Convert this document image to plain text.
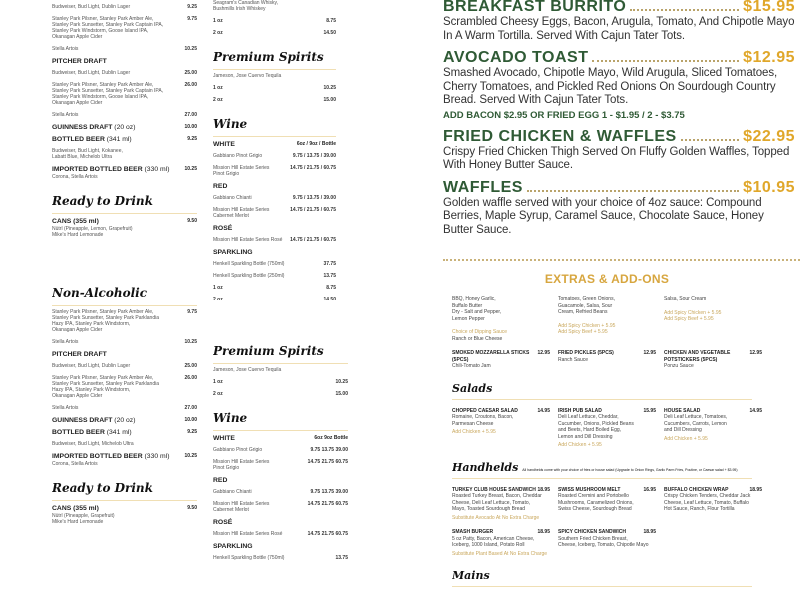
Budweiser, Bud Light, Dublin Lager	9.25
Stanley Park Pilsner, Stanley Park Amber Ale,
Stanley Park Sunsetter, Stanley Park Captain IPA,
Stanley Park Windstorm, Goose Island IPA,
Okanagan Apple Cider
9.75
Stella Artois	10.25
PITCHER DRAFT
Budweiser, Bud Light, Dublin Lager	25.00
Stanley Park Pilsner, Stanley Park Amber Ale,
Stanley Park Sunsetter, Stanley Park Captain IPA,
Stanley Park Windstorm, Goose Island IPA,
Okanagan Apple Cider
26.00
Stella Artois	27.00
GUINNESS DRAFT (20 oz)	10.00
BOTTLED BEER (341 ml)	9.25
Budweiser, Bud Light, Kokanee,
Labatt Blue, Michelob Ultra
IMPORTED BOTTLED BEER (330 ml)	10.25
Corona, Stella Artois
Ready to Drink
CANS (355 ml)	9.50
Nütrl (Pineapple, Lemon, Grapefruit)
Mike's Hard Lemonade

Seagram's Canadian Whisky,
Bushmills Irish Whiskey
1 oz	8.75
2 oz	14.50
Premium Spirits
Jameson, Jose Cuervo Tequila
1 oz	10.25
2 oz	15.00
Wine
WHITE	6oz / 9oz / Bottle
Gabbiano Pinot Grigio	9.75 / 13.75 / 39.00
Mission Hill Estate Series
Pinot Grigio
14.75 / 21.75 / 60.75
RED
Gabbiano Chianti	9.75 / 13.75 / 39.00
Mission Hill Estate Series
Cabernet Merlot
14.75 / 21.75 / 60.75
ROSÉ
Mission Hill Estate Series Rosé 14.75 / 21.75 / 60.75
SPARKLING
Henkell Sparkling Bottle (750ml)	37.75
Henkell Sparkling Bottle (250ml)	13.75
1 oz	8.75
2 oz	14.50
Non-Alcoholic
Stanley Park Pilsner, Stanley Park Amber Ale,
Stanley Park Sunsetter, Stanley Park Parklandia
Hazy IPA, Stanley Park Windstorm,
Okanagan Apple Cider
9.75
Stella Artois	10.25
PITCHER DRAFT
Budweiser, Bud Light, Dublin Lager	25.00
Stanley Park Pilsner, Stanley Park Amber Ale,
Stanley Park Sunsetter, Stanley Park Parklandia
Hazy IPA, Stanley Park Windstorm,
Okanagan Apple Cider
26.00
Stella Artois	27.00
GUINNESS DRAFT (20 oz)	10.00
BOTTLED BEER (341 ml)	9.25
Budweiser, Bud Light, Michelob Ultra
IMPORTED BOTTLED BEER (330 ml)	10.25
Corona, Stella Artois
Ready to Drink
CANS (355 ml)	9.50
Nütrl (Pineapple, Grapefruit)
Mike's Hard Lemonade
Premium Spirits
Jameson, Jose Cuervo Tequila
1 oz	10.25
2 oz	15.00
Wine
WHITE	6oz 9oz Bottle
Gabbiano Pinot Grigio	9.75 13.75 39.00
Mission Hill Estate Series
Pinot Grigio
14.75 21.75 60.75
RED
Gabbiano Chianti	9.75 13.75 39.00
Mission Hill Estate Series
Cabernet Merlot
14.75 21.75 60.75
ROSÉ
Mission Hill Estate Series Rosé	14.75 21.75 60.75
SPARKLING
Henkell Sparkling Bottle (750ml)	13.75
BREAKFAST BURRITO	$15.95
Scrambled Cheesy Eggs, Bacon, Arugula, Tomato, And Chipotle Mayo In A Warm Tortilla. Served With Cajun Tater Tots.
AVOCADO TOAST	$12.95
Smashed Avocado, Chipotle Mayo, Wild Arugula, Sliced Tomatoes, Cherry Tomatoes, and Pickled Red Onions On Sourdough Country Bread. Served With Cajun Tater Tots.
ADD BACON $2.95 OR FRIED EGG 1 - $1.95 / 2 - $3.75
FRIED CHICKEN & WAFFLES	$22.95
Crispy Fried Chicken Thigh Served On Fluffy Golden Waffles, Topped With Honey Butter Sauce.
WAFFLES	$10.95
Golden waffle served with your choice of 4oz sauce: Compound Berries, Maple Syrup, Caramel Sauce, Chocolate Sauce, Honey Butter Sauce.
EXTRAS & ADD-ONS
BBQ, Honey Garlic,
Buffalo Butter
Dry - Salt and Pepper,
Lemon Pepper
Choice of Dipping Sauce
Ranch or Blue Cheese
Tomatoes, Green Onions,
Guacamole, Salsa, Sour
Cream, Refried Beans
Add Spicy Chicken + 5.95
Add Spicy Beef + 5.95
Salsa, Sour Cream
Add Spicy Chicken + 5.95
Add Spicy Beef + 5.95
SMOKED MOZZARELLA STICKS (5PCS)
12.95
Chili-Tomato Jam
FRIED PICKLES (5PCS)	12.95
Ranch Sauce
CHICKEN AND VEGETABLE POTSTICKERS (5PCS)
12.95
Ponzu Sauce
Salads
CHOPPED CAESAR SALAD	14.95
Romaine, Croutons, Bacon,
Parmesan Cheese
Add Chicken + 5.95
IRISH PUB SALAD	15.95
Deli Leaf Lettuce, Cheddar,
Cucumber, Onions, Pickled Beans
and Beets, Hard Boiled Egg,
Lemon and Dill Dressing
Add Chicken + 5.95
HOUSE SALAD	14.95
Deli Leaf Lettuce, Tomatoes,
Cucumbers, Carrots, Lemon
and Dill Dressing
Add Chicken + 5.95
Handhelds All handhelds come with your choice of fries or house salad (Upgrade to Onion Rings, Garlic Parm Fries, Poutine, or Caesar salad + $3.95)
TURKEY CLUB HOUSE SANDWICH 18.95
Roasted Turkey Breast, Bacon, Cheddar
Cheese, Deli Leaf Lettuce, Tomato,
Mayo, Toasted Sourdough Bread
Substitute Avocado At No Extra Charge
SWISS MUSHROOM MELT	16.95
Roasted Cremini and Portobello
Mushrooms, Caramelized Onions,
Swiss Cheese, Sourdough Bread
BUFFALO CHICKEN WRAP	18.95
Crispy Chicken Tenders, Cheddar Jack
Cheese, Leaf Lettuce, Tomato, Buffalo
Hot Sauce, Ranch, Flour Tortilla
SMASH BURGER	18.95
5 oz Patty, Bacon, American Cheese,
Iceberg, 1000 Island, Potato Roll
Substitute Plant Based At No Extra Charge
SPICY CHICKEN SANDWICH	18.95
Southern Fried Chicken Breast,
Cheese, Iceberg, Tomato, Chipotle Mayo
Mains
